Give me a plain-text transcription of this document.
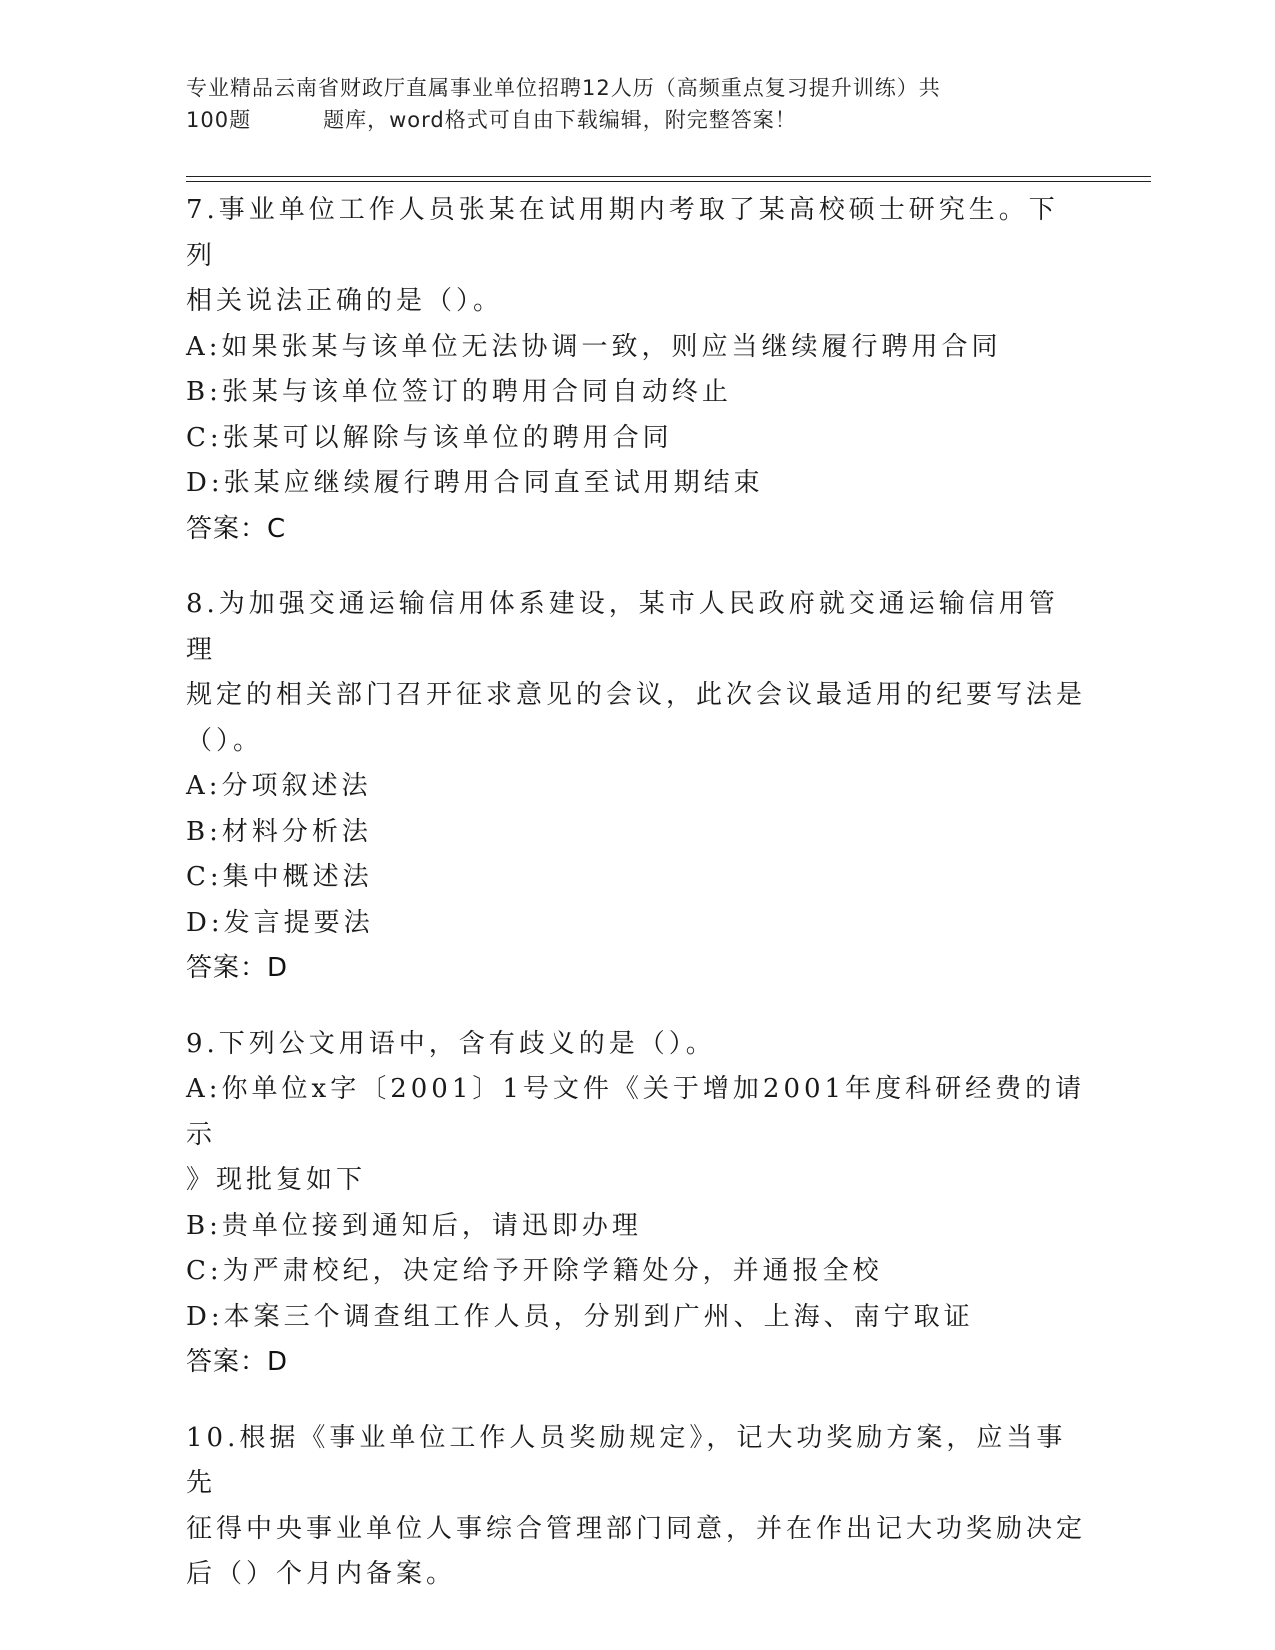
专业精品云南省财政厅直属事业单位招聘12人历（高频重点复习提升训练）共
100题	题库，word格式可自由下载编辑，附完整答案！

7.事业单位工作人员张某在试用期内考取了某高校硕士研究生。下列

相关说法正确的是（）。

A:如果张某与该单位无法协调一致，则应当继续履行聘用合同

B:张某与该单位签订的聘用合同自动终止

C:张某可以解除与该单位的聘用合同

D:张某应继续履行聘用合同直至试用期结束

答案：C

8.为加强交通运输信用体系建设，某市人民政府就交通运输信用管理

规定的相关部门召开征求意见的会议，此次会议最适用的纪要写法是

（）。

A:分项叙述法

B:材料分析法

C:集中概述法

D:发言提要法

答案：D

9.下列公文用语中，含有歧义的是（）。

A:你单位x字〔2001〕1号文件《关于增加2001年度科研经费的请示

》现批复如下

B:贵单位接到通知后，请迅即办理

C:为严肃校纪，决定给予开除学籍处分，并通报全校

D:本案三个调查组工作人员，分别到广州、上海、南宁取证

答案：D

10.根据《事业单位工作人员奖励规定》，记大功奖励方案，应当事先

征得中央事业单位人事综合管理部门同意，并在作出记大功奖励决定

后（）个月内备案。
